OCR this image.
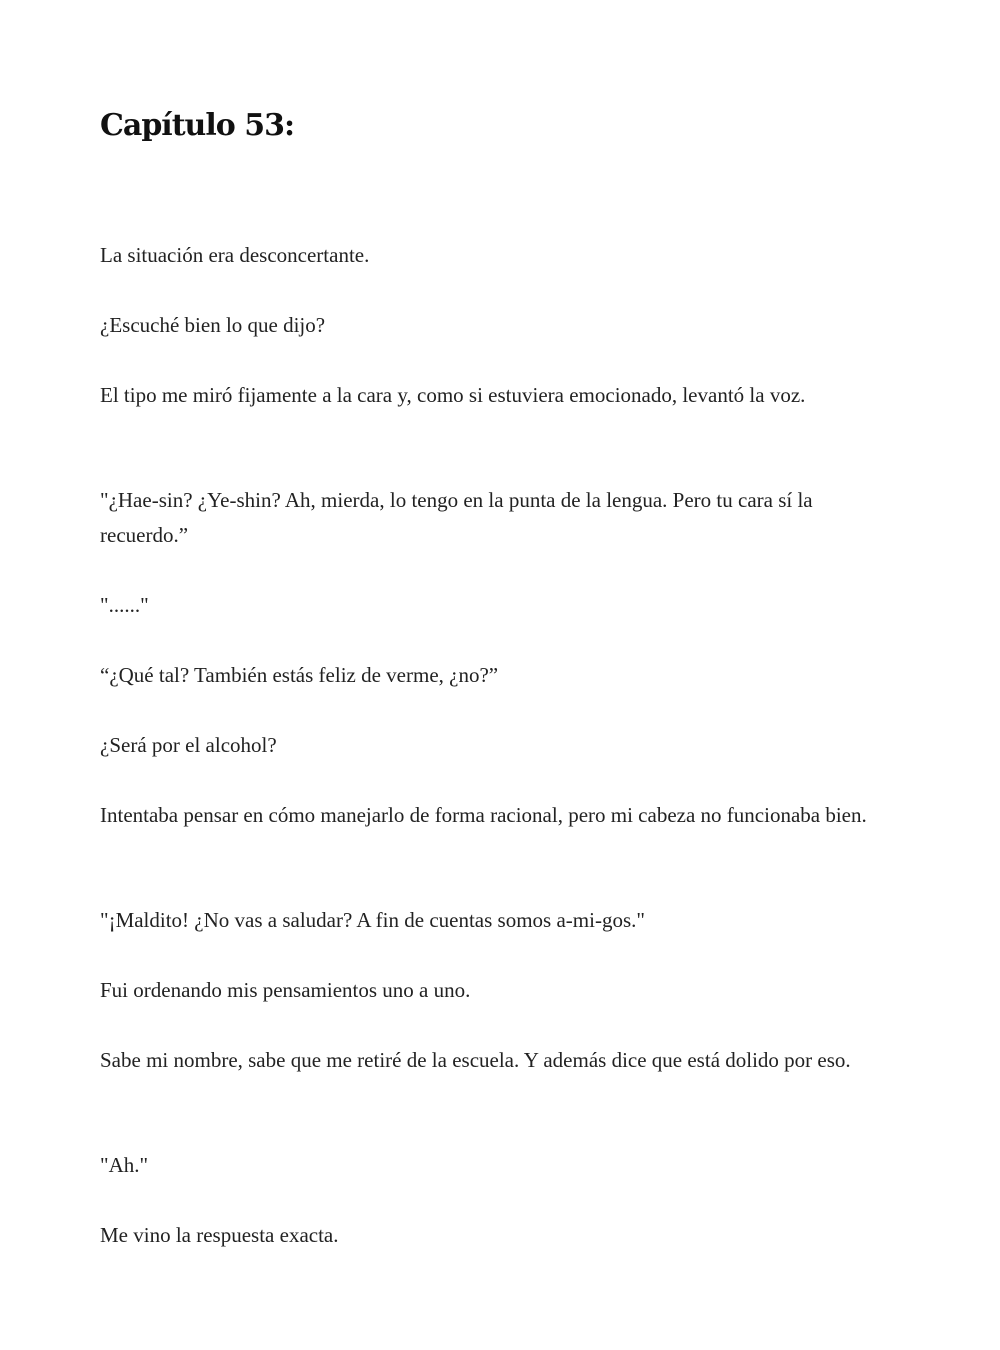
Capítulo 53:

La situación era desconcertante.

¿Escuché bien lo que dijo?

El tipo me miró fijamente a la cara y, como si estuviera emocionado, levantó la voz.

"¿Hae-sin? ¿Ye-shin? Ah, mierda, lo tengo en la punta de la lengua. Pero tu cara sí la recuerdo.”

"......"

“¿Qué tal? También estás feliz de verme, ¿no?”

¿Será por el alcohol?

Intentaba pensar en cómo manejarlo de forma racional, pero mi cabeza no funcionaba bien.

"¡Maldito! ¿No vas a saludar? A fin de cuentas somos a-mi-gos."

Fui ordenando mis pensamientos uno a uno.

Sabe mi nombre, sabe que me retiré de la escuela. Y además dice que está dolido por eso.

"Ah."

Me vino la respuesta exacta.
